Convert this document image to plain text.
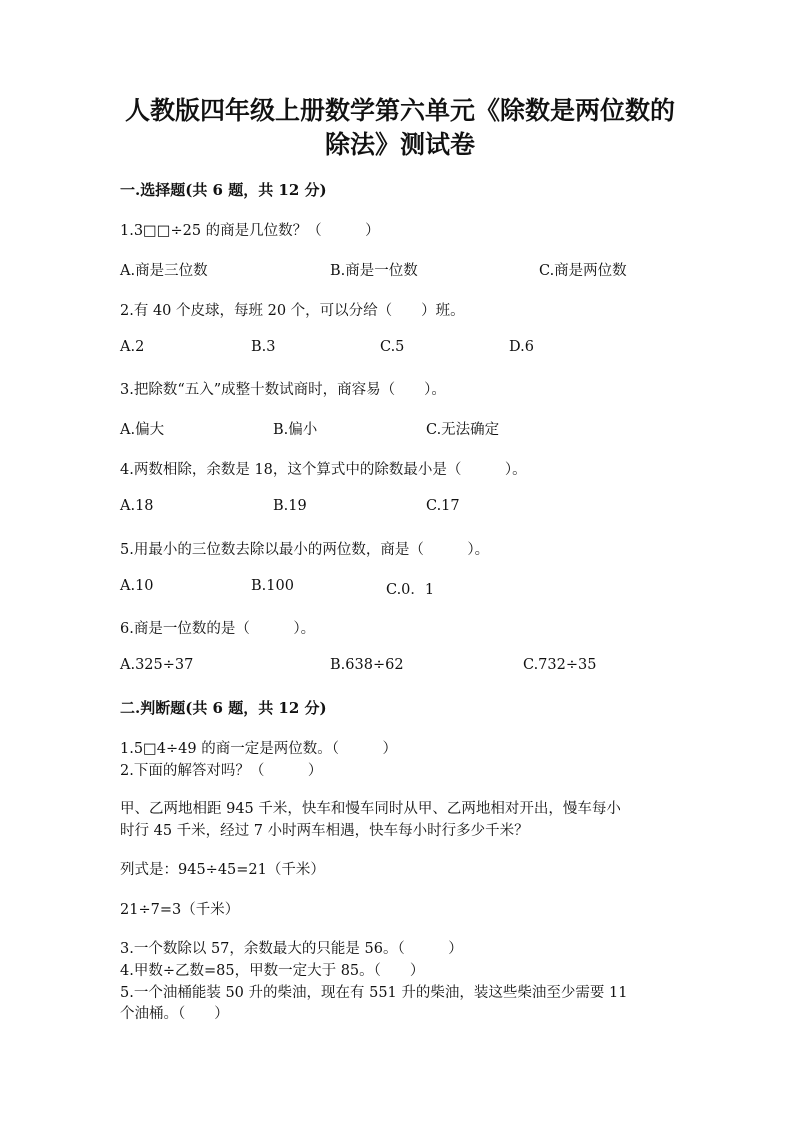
人教版四年级上册数学第六单元《除数是两位数的
除法》测试卷
一.选择题(共 6 题，共 12 分)
1.3□□÷25 的商是几位数？（　　　）
A.商是三位数	B.商是一位数	C.商是两位数
2.有 40 个皮球，每班 20 个，可以分给（　　）班。
A.2	B.3	C.5	D.6
3.把除数“五入”成整十数试商时，商容易（　　）。
A.偏大	B.偏小	C.无法确定
4.两数相除，余数是 18，这个算式中的除数最小是（　　　）。
A.18	B.19	C.17
5.用最小的三位数去除以最小的两位数，商是（　　　）。
A.10	B.100	C.0．1
6.商是一位数的是（　　　）。
A.325÷37	B.638÷62	C.732÷35
二.判断题(共 6 题，共 12 分)
1.5□4÷49 的商一定是两位数。（　　　）
2.下面的解答对吗？（　　　）
甲、乙两地相距 945 千米，快车和慢车同时从甲、乙两地相对开出，慢车每小
时行 45 千米，经过 7 小时两车相遇，快车每小时行多少千米？
列式是：945÷45=21（千米）
21÷7=3（千米）
3.一个数除以 57，余数最大的只能是 56。（　　　）
4.甲数÷乙数=85，甲数一定大于 85。（　　）
5.一个油桶能装 50 升的柴油，现在有 551 升的柴油，装这些柴油至少需要 11
个油桶。（　　）
